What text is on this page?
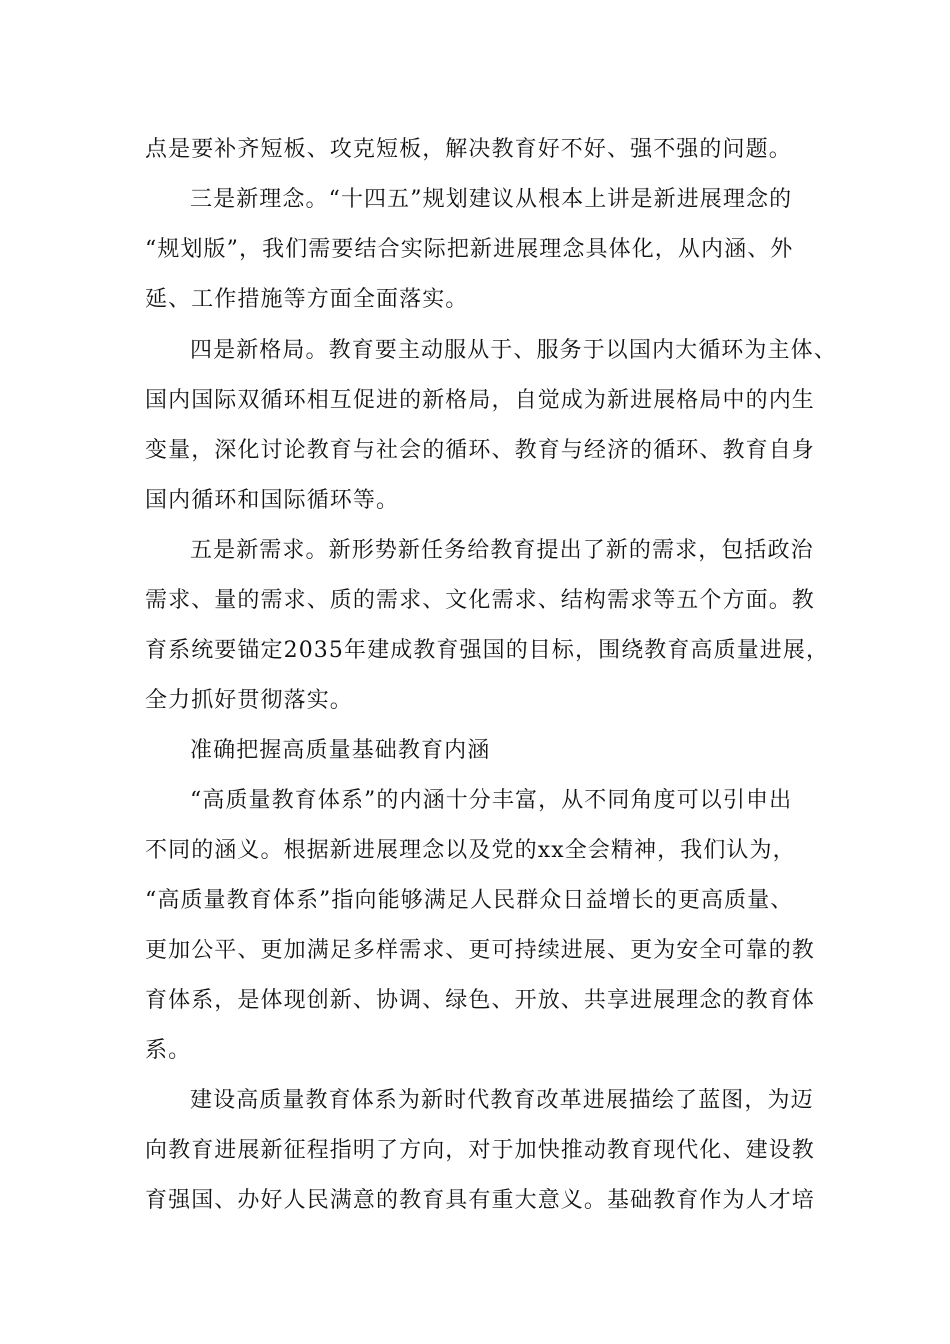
点是要补齐短板、攻克短板，解决教育好不好、强不强的问题。

三是新理念。“十四五”规划建议从根本上讲是新进展理念的

“规划版”，我们需要结合实际把新进展理念具体化，从内涵、外

延、工作措施等方面全面落实。

四是新格局。教育要主动服从于、服务于以国内大循环为主体、

国内国际双循环相互促进的新格局，自觉成为新进展格局中的内生

变量，深化讨论教育与社会的循环、教育与经济的循环、教育自身

国内循环和国际循环等。

五是新需求。新形势新任务给教育提出了新的需求，包括政治

需求、量的需求、质的需求、文化需求、结构需求等五个方面。教

育系统要锚定2035年建成教育强国的目标，围绕教育高质量进展，

全力抓好贯彻落实。

准确把握高质量基础教育内涵

“高质量教育体系”的内涵十分丰富，从不同角度可以引申出

不同的涵义。根据新进展理念以及党的xx全会精神，我们认为，

“高质量教育体系”指向能够满足人民群众日益增长的更高质量、

更加公平、更加满足多样需求、更可持续进展、更为安全可靠的教

育体系，是体现创新、协调、绿色、开放、共享进展理念的教育体

系。

建设高质量教育体系为新时代教育改革进展描绘了蓝图，为迈

向教育进展新征程指明了方向，对于加快推动教育现代化、建设教

育强国、办好人民满意的教育具有重大意义。基础教育作为人才培
